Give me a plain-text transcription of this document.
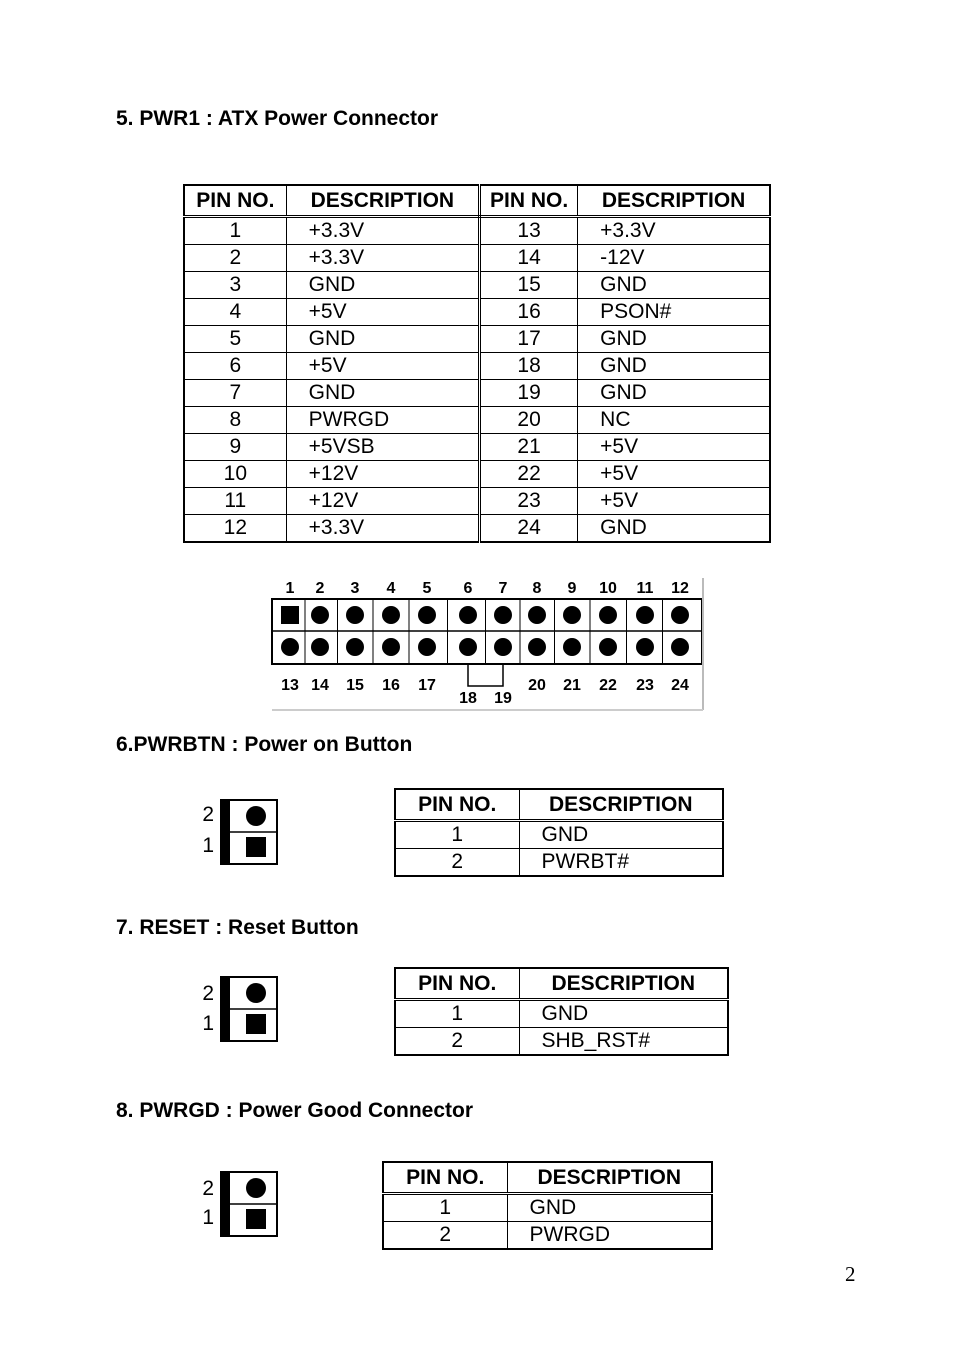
5. PWR1 : ATX Power Connector
PIN NO.	DESCRIPTION	PIN NO.	DESCRIPTION
1	+3.3V	13	+3.3V
2	+3.3V	14	-12V
3	GND	15	GND
4	+5V	16	PSON#
5	GND	17	GND
6	+5V	18	GND
7	GND	19	GND
8	PWRGD	20	NC
9	+5VSB	21	+5V
10	+12V	22	+5V
11	+12V	23	+5V
12	+3.3V	24	GND
1
13
2
14
3
15
4
16
5
17
6
18
7
19
8
20
9
21
10
22
11
23
12
24
6.PWRBTN : Power on Button
2
1
PIN NO.	DESCRIPTION
1	GND
2	PWRBT#
7. RESET : Reset Button
2
1
PIN NO.	DESCRIPTION
1	GND
2	SHB_RST#
8. PWRGD : Power Good Connector
2
1
PIN NO.	DESCRIPTION
1	GND
2	PWRGD
2
